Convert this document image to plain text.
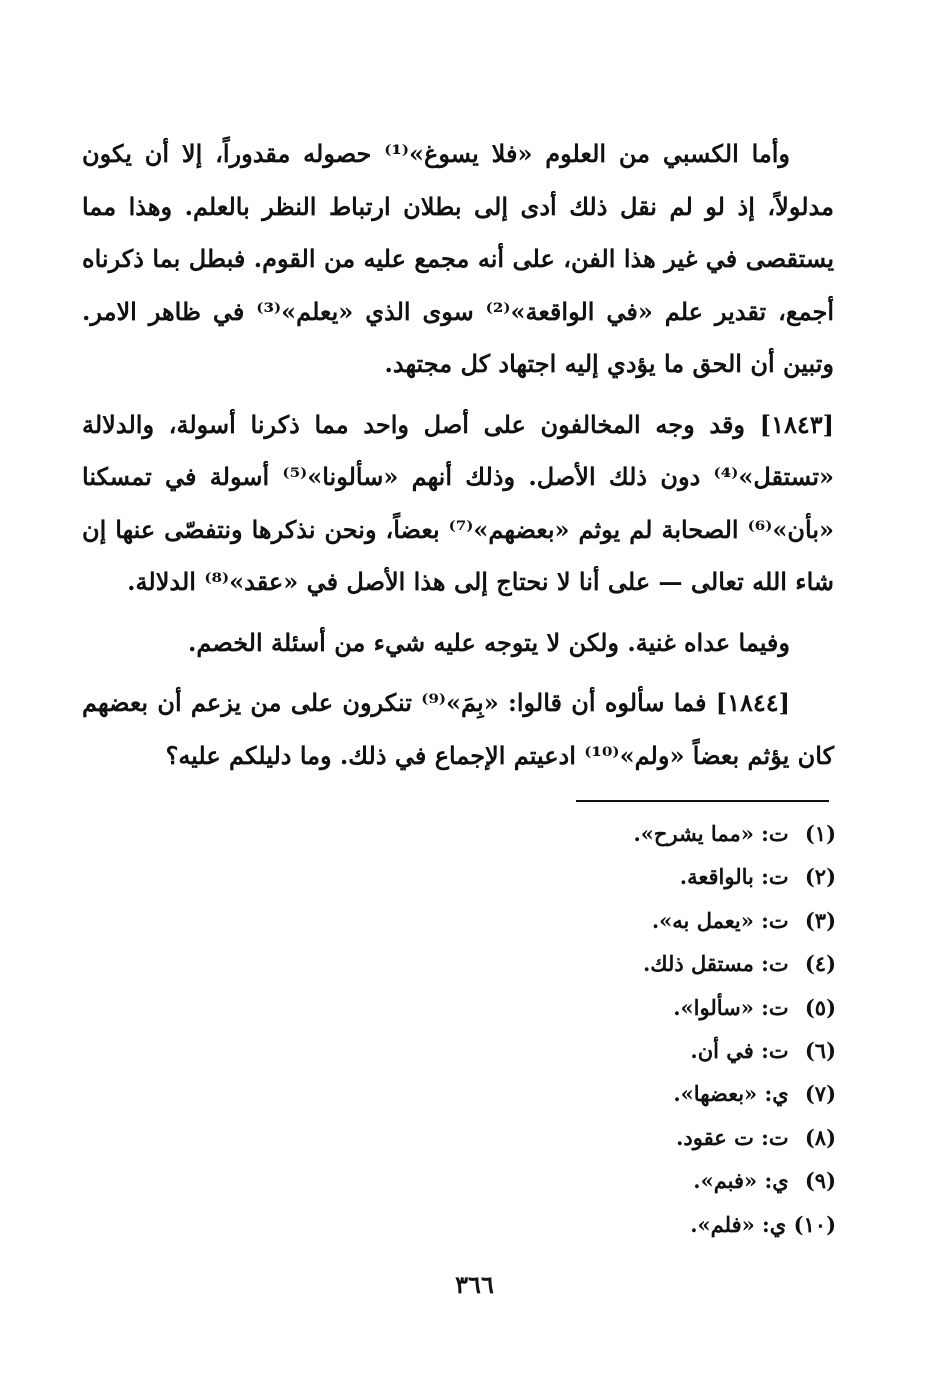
وأما الكسبي من العلوم «فلا يسوغ»⁽¹⁾ حصوله مقدوراً، إلا أن يكون مدلولاً، إذ لو لم نقل ذلك أدى إلى بطلان ارتباط النظر بالعلم. وهذا مما يستقصى في غير هذا الفن، على أنه مجمع عليه من القوم. فبطل بما ذكرناه أجمع، تقدير علم «في الواقعة»⁽²⁾ سوى الذي «يعلم»⁽³⁾ في ظاهر الامر. وتبين أن الحق ما يؤدي إليه اجتهاد كل مجتهد.

[١٨٤٣] وقد وجه المخالفون على أصل واحد مما ذكرنا أسولة، والدلالة «تستقل»⁽⁴⁾ دون ذلك الأصل. وذلك أنهم «سألونا»⁽⁵⁾ أسولة في تمسكنا «بأن»⁽⁶⁾ الصحابة لم يوثم «بعضهم»⁽⁷⁾ بعضاً، ونحن نذكرها ونتفصّى عنها إن شاء الله تعالى — على أنا لا نحتاج إلى هذا الأصل في «عقد»⁽⁸⁾ الدلالة.

وفيما عداه غنية. ولكن لا يتوجه عليه شيء من أسئلة الخصم.

[١٨٤٤] فما سألوه أن قالوا: «بِمَ»⁽⁹⁾ تنكرون على من يزعم أن بعضهم كان يؤثم بعضاً «ولم»⁽¹⁰⁾ ادعيتم الإجماع في ذلك. وما دليلكم عليه؟

(١) ت: «مما يشرح».
(٢) ت: بالواقعة.
(٣) ت: «يعمل به».
(٤) ت: مستقل ذلك.
(٥) ت: «سألوا».
(٦) ت: في أن.
(٧) ي: «بعضها».
(٨) ت: ت عقود.
(٩) ي: «فبم».
(١٠) ي: «فلم».
٣٦٦
